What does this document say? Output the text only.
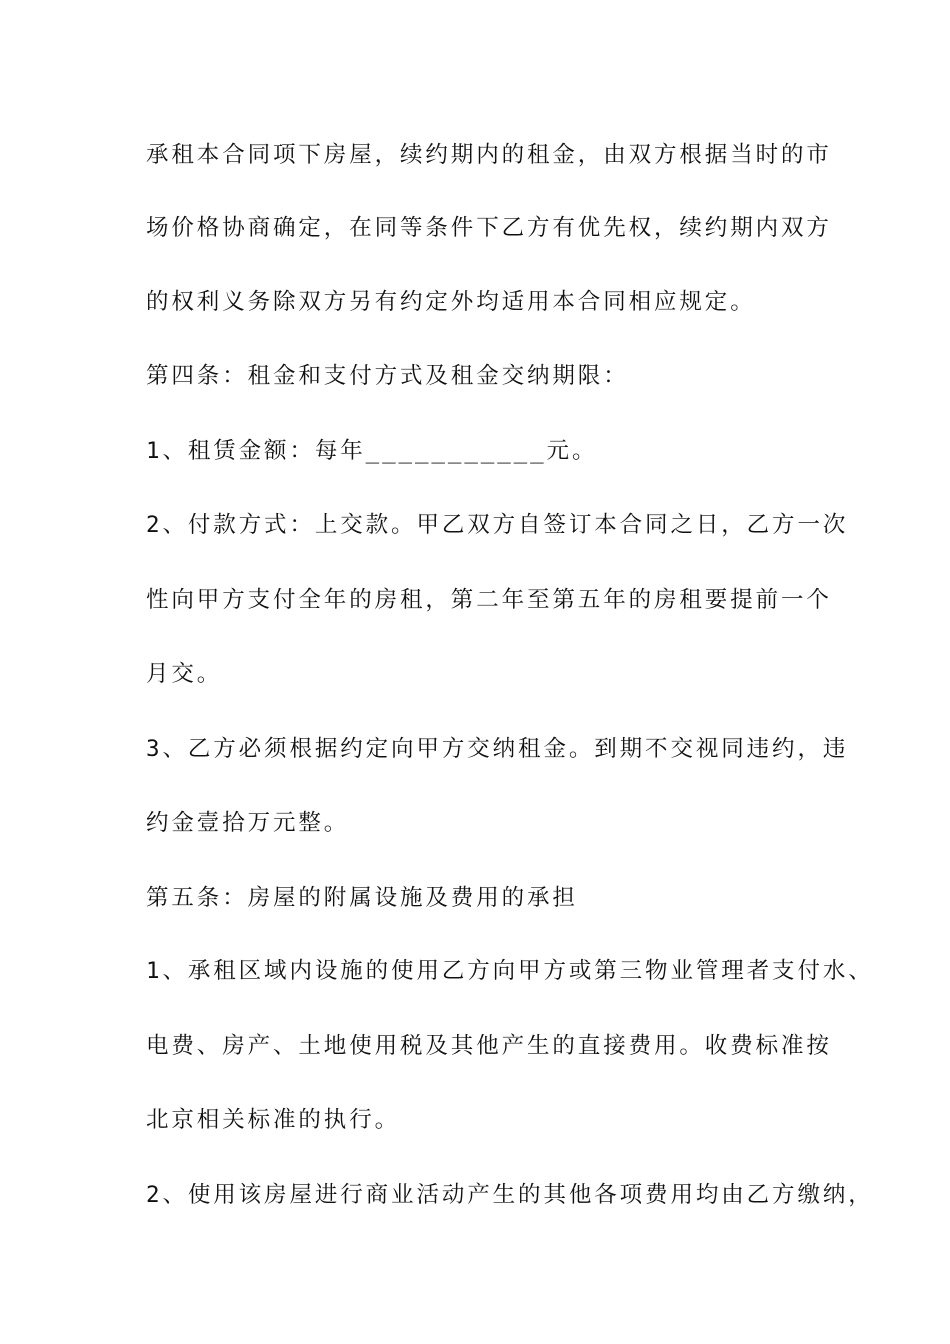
承租本合同项下房屋，续约期内的租金，由双方根据当时的市
场价格协商确定，在同等条件下乙方有优先权，续约期内双方
的权利义务除双方另有约定外均适用本合同相应规定。
第四条：租金和支付方式及租金交纳期限：
1、租赁金额：每年___________元。
2、付款方式：上交款。甲乙双方自签订本合同之日，乙方一次
性向甲方支付全年的房租，第二年至第五年的房租要提前一个
月交。
3、乙方必须根据约定向甲方交纳租金。到期不交视同违约，违
约金壹拾万元整。
第五条：房屋的附属设施及费用的承担
1、承租区域内设施的使用乙方向甲方或第三物业管理者支付水、
电费、房产、土地使用税及其他产生的直接费用。收费标准按
北京相关标准的执行。
2、使用该房屋进行商业活动产生的其他各项费用均由乙方缴纳，
